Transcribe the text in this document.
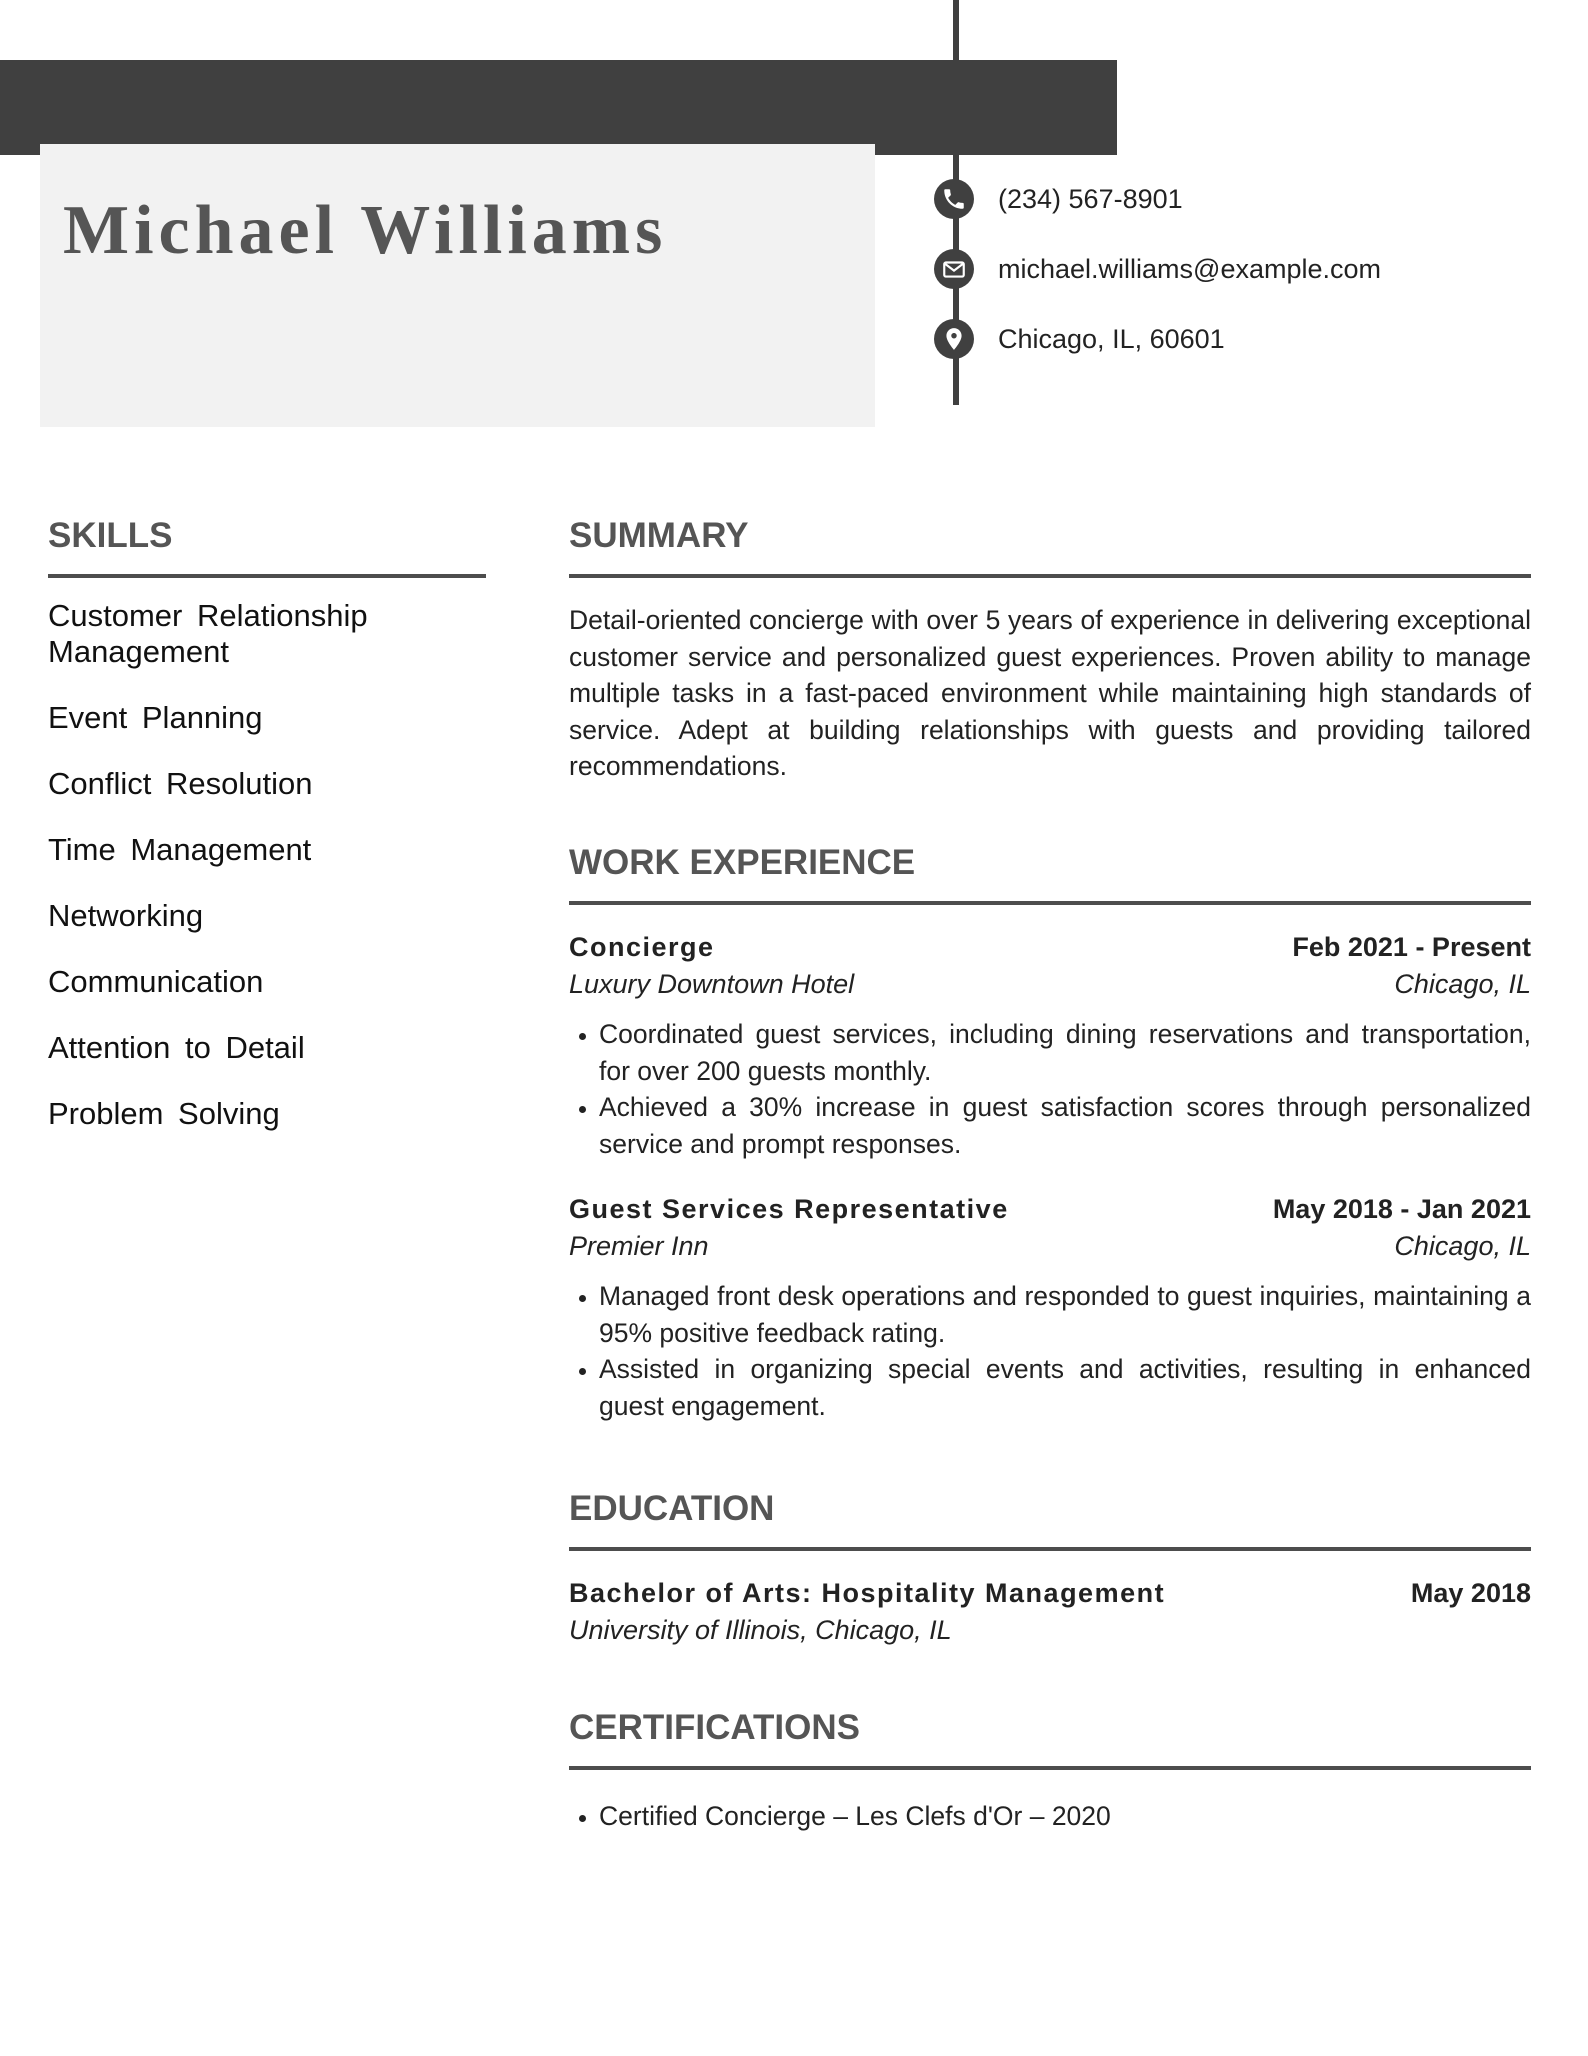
Michael Williams	(234) 567-8901
michael.williams@example.com
Chicago, IL, 60601
SKILLS
Customer Relationship Management
Event Planning
Conflict Resolution
Time Management
Networking
Communication
Attention to Detail
Problem Solving
SUMMARY

Detail-oriented concierge with over 5 years of experience in delivering exceptional customer service and personalized guest experiences. Proven ability to manage multiple tasks in a fast-paced environment while maintaining high standards of service. Adept at building relationships with guests and providing tailored recommendations.

WORK EXPERIENCE
Concierge	Feb 2021 - Present
Luxury Downtown Hotel	Chicago, IL
• Coordinated guest services, including dining reservations and transportation, for over 200 guests monthly.
• Achieved a 30% increase in guest satisfaction scores through personalized service and prompt responses.
Guest Services Representative	May 2018 - Jan 2021
Premier Inn	Chicago, IL
• Managed front desk operations and responded to guest inquiries, maintaining a 95% positive feedback rating.
• Assisted in organizing special events and activities, resulting in enhanced guest engagement.
EDUCATION
Bachelor of Arts: Hospitality Management	May 2018
University of Illinois, Chicago, IL
CERTIFICATIONS
• Certified Concierge – Les Clefs d'Or – 2020
